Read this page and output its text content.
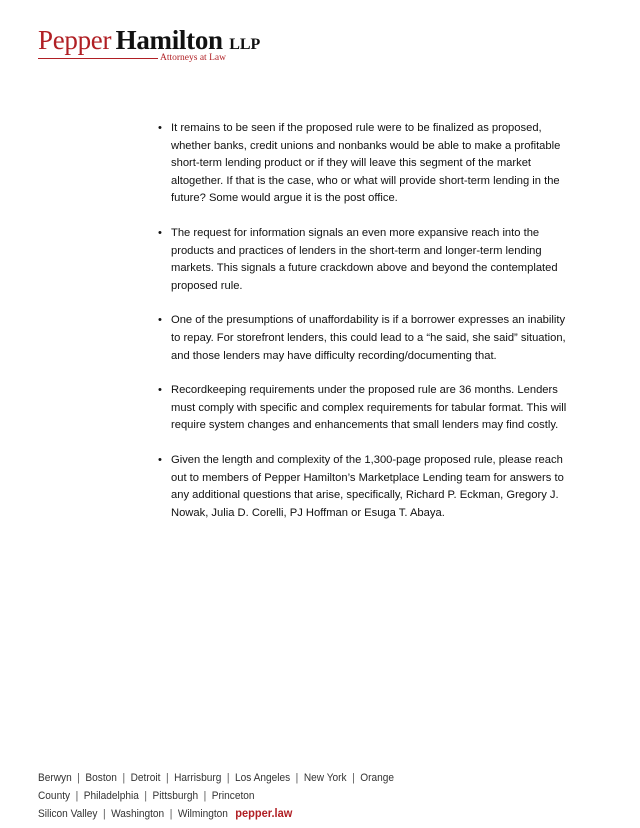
Pepper Hamilton LLP
Attorneys at Law
• It remains to be seen if the proposed rule were to be finalized as proposed, whether banks, credit unions and nonbanks would be able to make a profitable short-term lending product or if they will leave this segment of the market altogether. If that is the case, who or what will provide short-term lending in the future? Some would argue it is the post office.
• The request for information signals an even more expansive reach into the products and practices of lenders in the short-term and longer-term lending markets. This signals a future crackdown above and beyond the contemplated proposed rule.
• One of the presumptions of unaffordability is if a borrower expresses an inability to repay. For storefront lenders, this could lead to a “he said, she said” situation, and those lenders may have difficulty recording/documenting that.
• Recordkeeping requirements under the proposed rule are 36 months. Lenders must comply with specific and complex requirements for tabular format. This will require system changes and enhancements that small lenders may find costly.
• Given the length and complexity of the 1,300-page proposed rule, please reach out to members of Pepper Hamilton’s Marketplace Lending team for answers to any additional questions that arise, specifically, Richard P. Eckman, Gregory J. Nowak, Julia D. Corelli, PJ Hoffman or Esuga T. Abaya.
Berwyn | Boston | Detroit | Harrisburg | Los Angeles | New York | Orange County | Philadelphia | Pittsburgh | Princeton
Silicon Valley | Washington | Wilmington pepper.law
